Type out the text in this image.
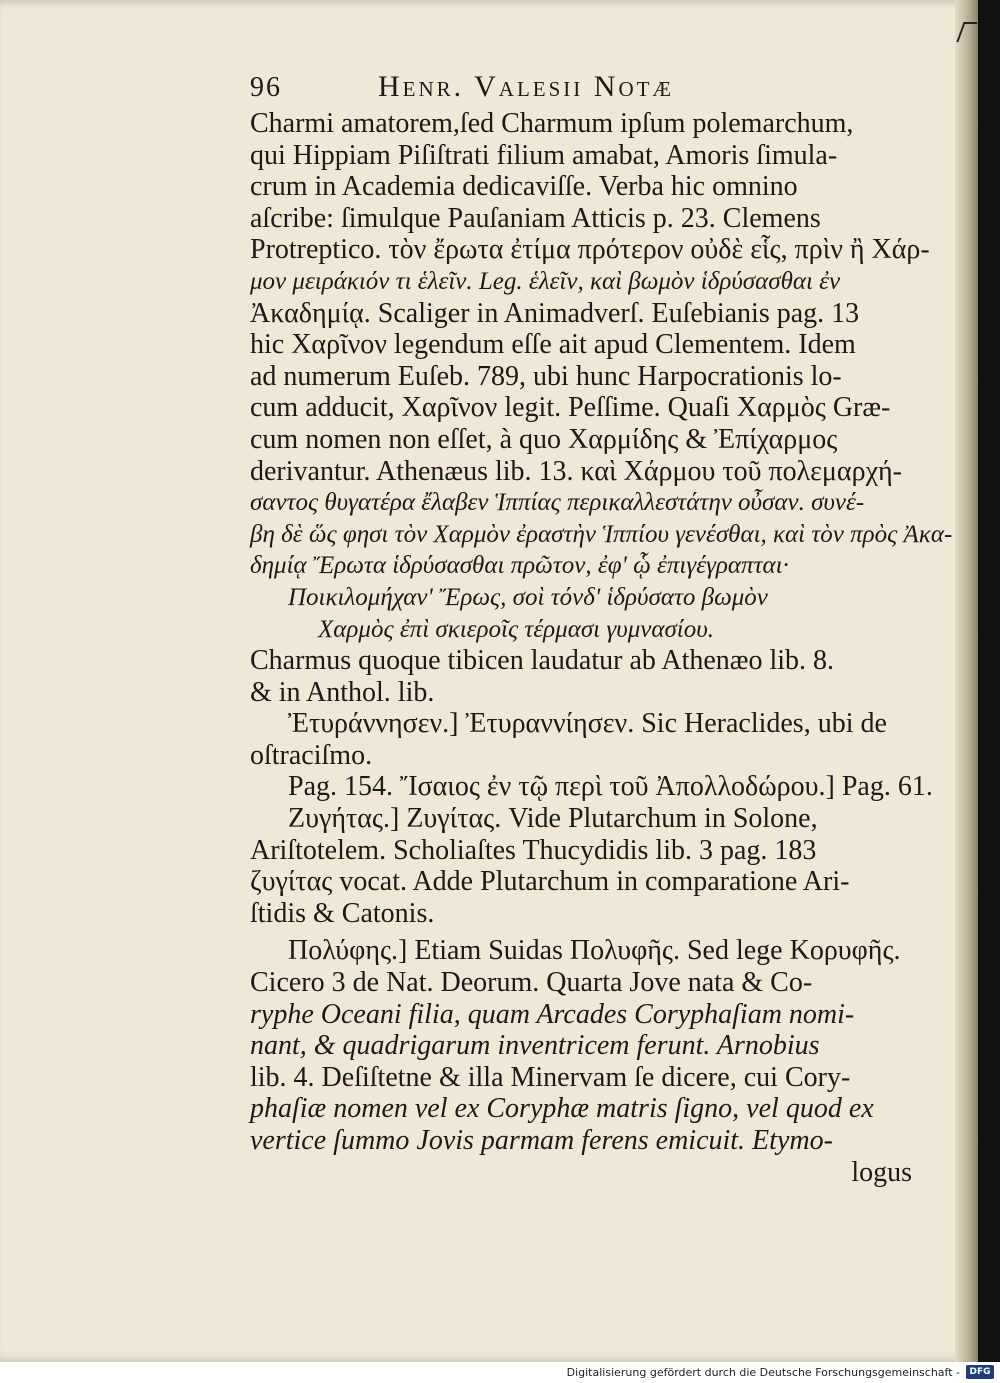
96	Henr. Valesii Notæ
Charmi amatorem,ſed Charmum ipſum polemarchum,
qui Hippiam Piſiſtrati filium amabat, Amoris ſimula-
crum in Academia dedicaviſſe. Verba hic omnino
aſcribe: ſimulque Pauſaniam Atticis p. 23. Clemens
Protreptico. τὸν ἔρωτα ἐτίμα πρότερον οὐδὲ εἷς, πρὶν ἢ Χάρ-
μον μειράκιόν τι ἑλεῖν. Leg. ἑλεῖν, καὶ βωμὸν ἱδρύσασθαι ἐν
Ἀκαδημίᾳ. Scaliger in Animadverſ. Euſebianis pag. 13
hic Χαρῖνον legendum eſſe ait apud Clementem. Idem
ad numerum Euſeb. 789, ubi hunc Harpocrationis lo-
cum adducit, Χαρῖνον legit. Peſſime. Quaſi Χαρμὸς Græ-
cum nomen non eſſet, à quo Χαρμίδης & Ἐπίχαρμος
derivantur. Athenæus lib. 13. καὶ Χάρμου τοῦ πολεμαρχή-
σαντος θυγατέρα ἔλαβεν Ἱππίας περικαλλεστάτην οὖσαν. συνέ-
βη δὲ ὥς φησι τὸν Χαρμὸν ἐραστὴν Ἱππίου γενέσθαι, καὶ τὸν πρὸς Ἀκα-
δημίᾳ Ἔρωτα ἱδρύσασθαι πρῶτον, ἐφ' ᾧ ἐπιγέγραπται·
Ποικιλομήχαν' Ἔρως, σοὶ τόνδ' ἱδρύσατο βωμὸν
Χαρμὸς ἐπὶ σκιεροῖς τέρμασι γυμνασίου.
Charmus quoque tibicen laudatur ab Athenæo lib. 8.
& in Anthol. lib.
Ἐτυράννησεν.] Ἐτυραννίησεν. Sic Heraclides, ubi de
oſtraciſmo.
Pag. 154. Ἴσαιος ἐν τῷ περὶ τοῦ Ἀπολλοδώρου.] Pag. 61.
Ζυγήτας.] Ζυγίτας. Vide Plutarchum in Solone,
Ariſtotelem. Scholiaſtes Thucydidis lib. 3 pag. 183
ζυγίτας vocat. Adde Plutarchum in comparatione Ari-
ſtidis & Catonis.
Πολύφης.] Etiam Suidas Πολυφῆς. Sed lege Κορυφῆς.
Cicero 3 de Nat. Deorum. Quarta Jove nata & Co-
ryphe Oceani filia, quam Arcades Coryphaſiam nomi-
nant, & quadrigarum inventricem ferunt. Arnobius
lib. 4. Deſiſtetne & illa Minervam ſe dicere, cui Cory-
phaſiæ nomen vel ex Coryphæ matris ſigno, vel quod ex
vertice ſummo Jovis parmam ferens emicuit. Etymo-
logus
Digitalisierung gefördert durch die Deutsche Forschungsgemeinschaft -	DFG
